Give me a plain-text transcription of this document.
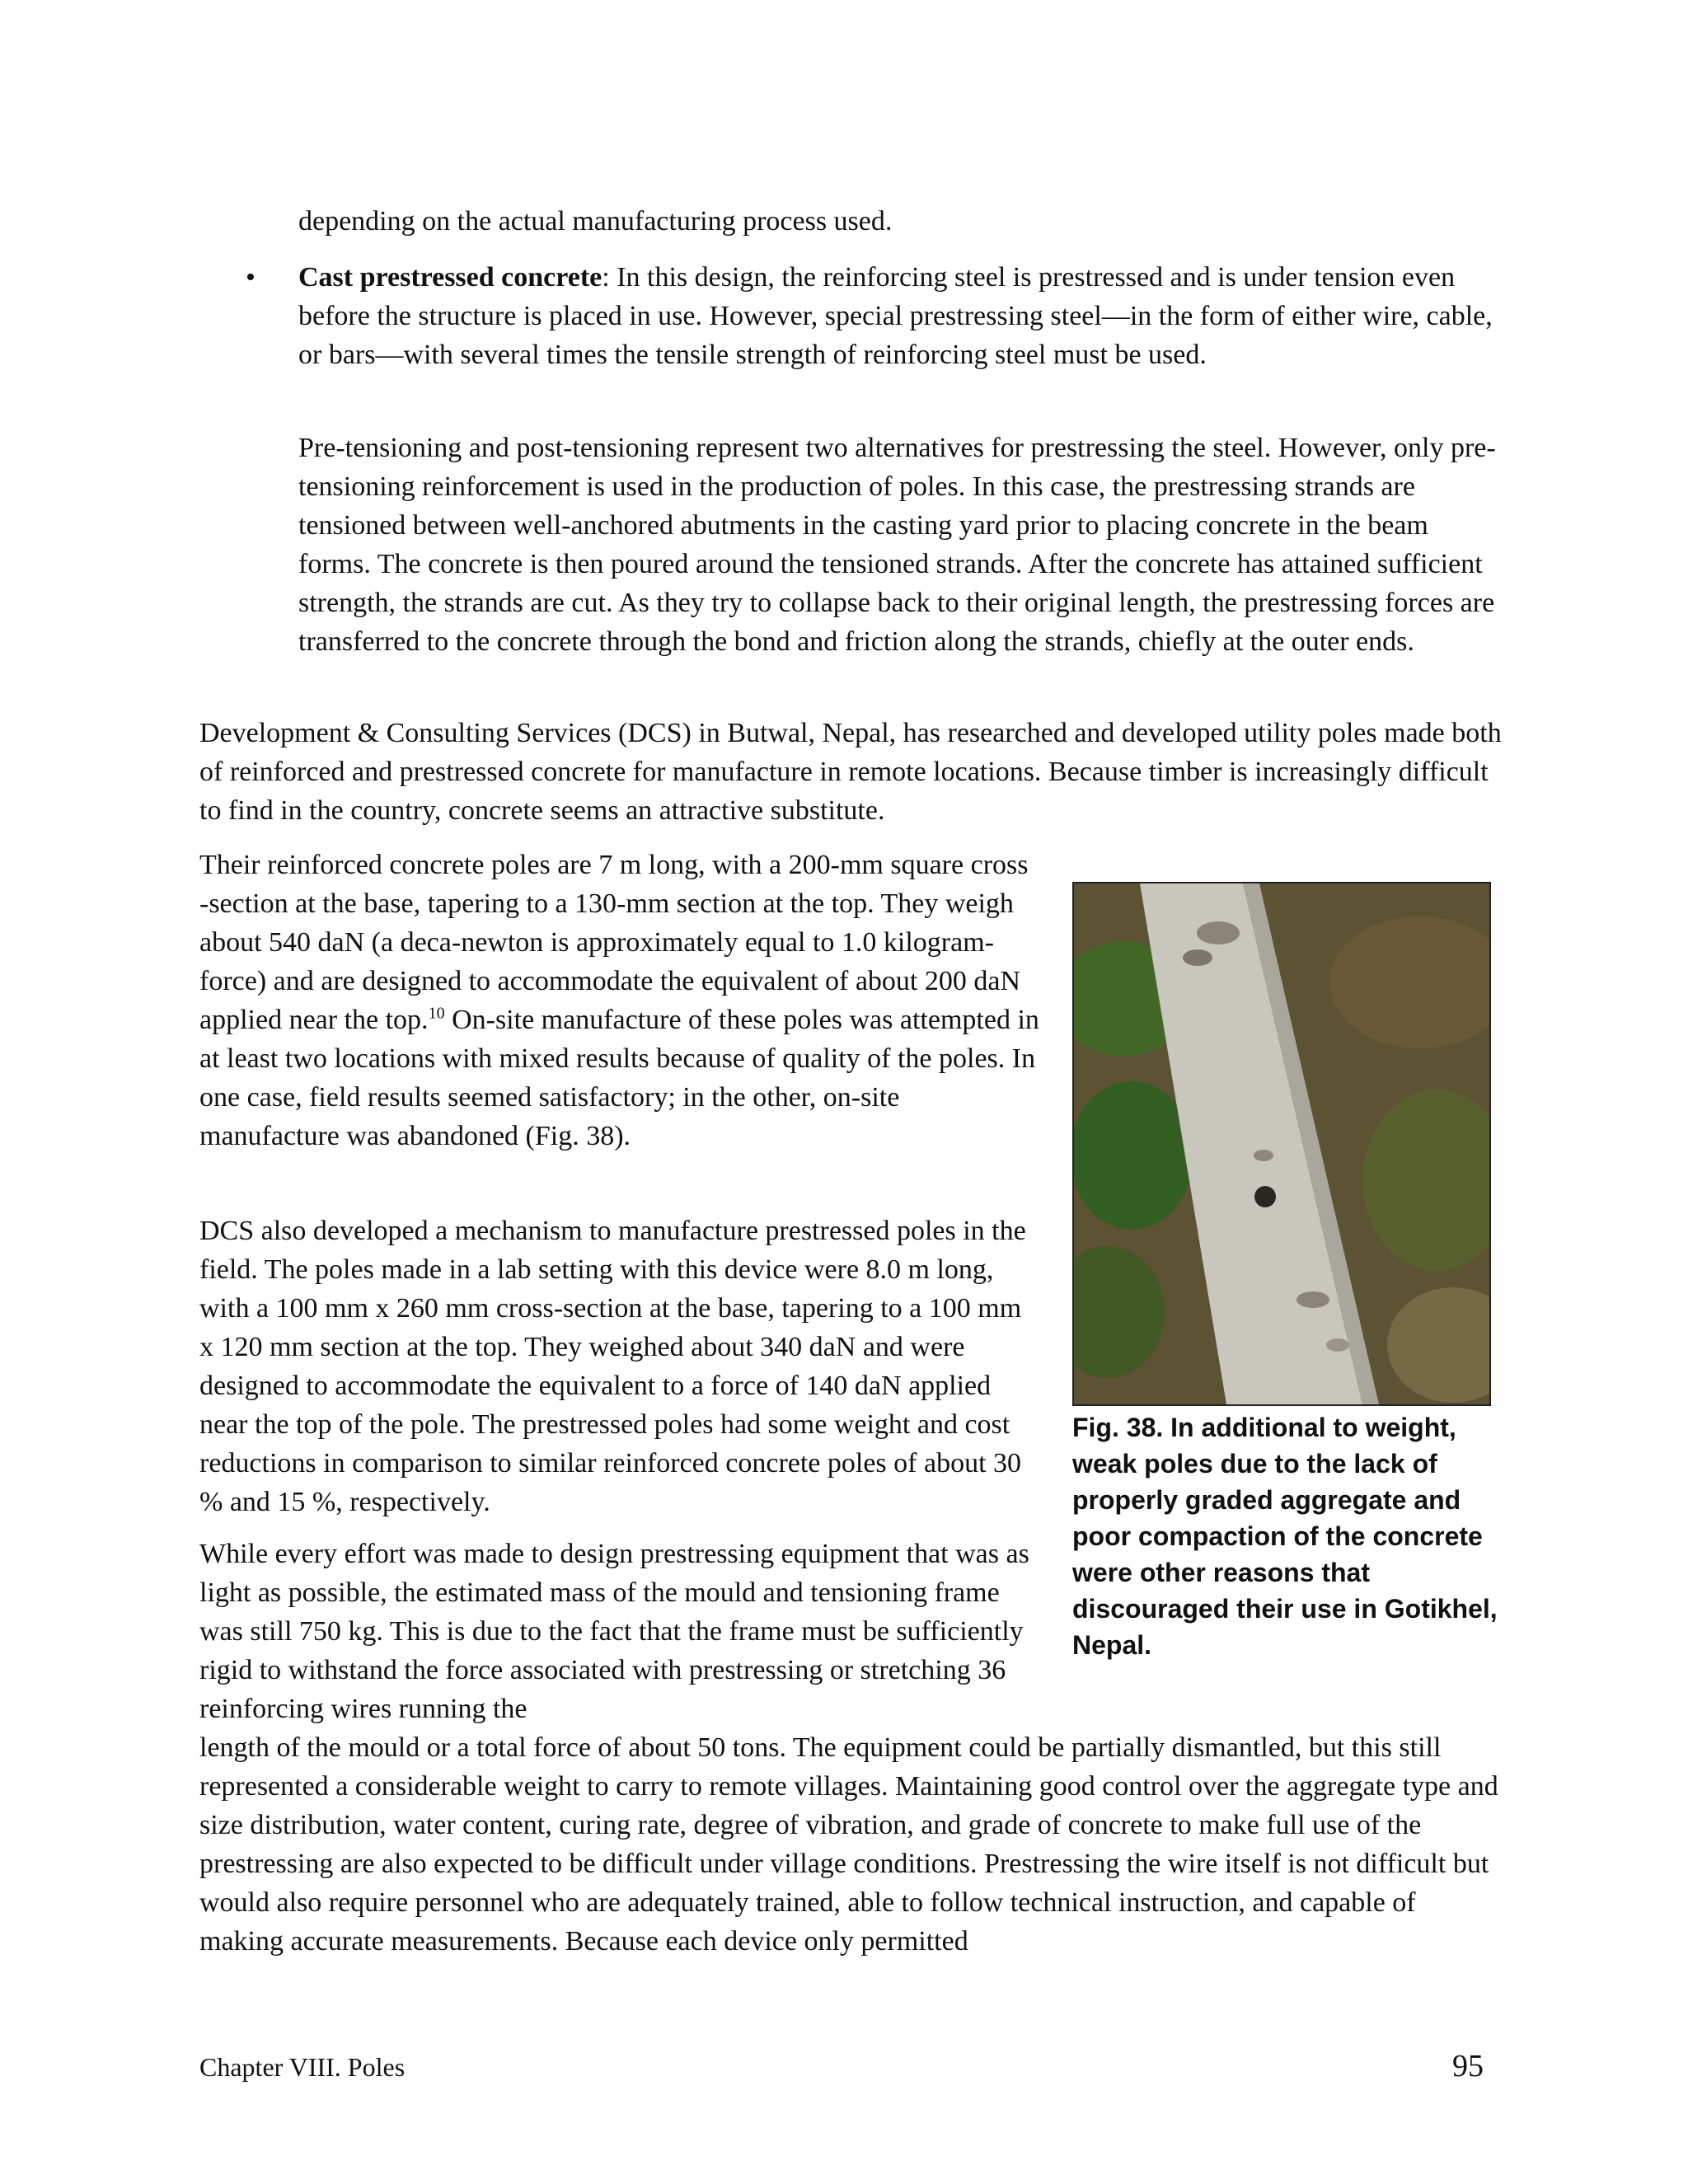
depending on the actual manufacturing process used.

• Cast prestressed concrete: In this design, the reinforcing steel is prestressed and is under tension even before the structure is placed in use. However, special prestressing steel—in the form of either wire, cable, or bars—with several times the tensile strength of reinforcing steel must be used.

Pre-tensioning and post-tensioning represent two alternatives for prestressing the steel. However, only pre-tensioning reinforcement is used in the production of poles. In this case, the prestressing strands are tensioned between well-anchored abutments in the casting yard prior to placing concrete in the beam forms. The concrete is then poured around the tensioned strands. After the concrete has attained sufficient strength, the strands are cut. As they try to collapse back to their original length, the prestressing forces are transferred to the concrete through the bond and friction along the strands, chiefly at the outer ends.

Development & Consulting Services (DCS) in Butwal, Nepal, has researched and developed utility poles made both of reinforced and prestressed concrete for manufacture in remote locations. Because timber is increasingly difficult to find in the country, concrete seems an attractive substitute.

Their reinforced concrete poles are 7 m long, with a 200-mm square cross -section at the base, tapering to a 130-mm section at the top. They weigh about 540 daN (a deca-newton is approximately equal to 1.0 kilogram-force) and are designed to accommodate the equivalent of about 200 daN applied near the top.$^{10}$ On-site manufacture of these poles was attempted in at least two locations with mixed results because of quality of the poles. In one case, field results seemed satisfactory; in the other, on-site manufacture was abandoned (Fig. 38).

DCS also developed a mechanism to manufacture prestressed poles in the field. The poles made in a lab setting with this device were 8.0 m long, with a 100 mm x 260 mm cross-section at the base, tapering to a 100 mm x 120 mm section at the top. They weighed about 340 daN and were designed to accommodate the equivalent to a force of 140 daN applied near the top of the pole. The prestressed poles had some weight and cost reductions in comparison to similar reinforced concrete poles of about 30 % and 15 %, respectively.

While every effort was made to design prestressing equipment that was as light as possible, the estimated mass of the mould and tensioning frame was still 750 kg. This is due to the fact that the frame must be sufficiently rigid to withstand the force associated with prestressing or stretching 36 reinforcing wires running the

length of the mould or a total force of about 50 tons. The equipment could be partially dismantled, but this still represented a considerable weight to carry to remote villages. Maintaining good control over the aggregate type and size distribution, water content, curing rate, degree of vibration, and grade of concrete to make full use of the prestressing are also expected to be difficult under village conditions. Prestressing the wire itself is not difficult but would also require personnel who are adequately trained, able to follow technical instruction, and capable of making accurate measurements. Because each device only permitted

Fig. 38. In additional to weight, weak poles due to the lack of properly graded aggregate and poor compaction of the concrete were other reasons that discouraged their use in Gotikhel, Nepal.

Chapter VIII. Poles	95
